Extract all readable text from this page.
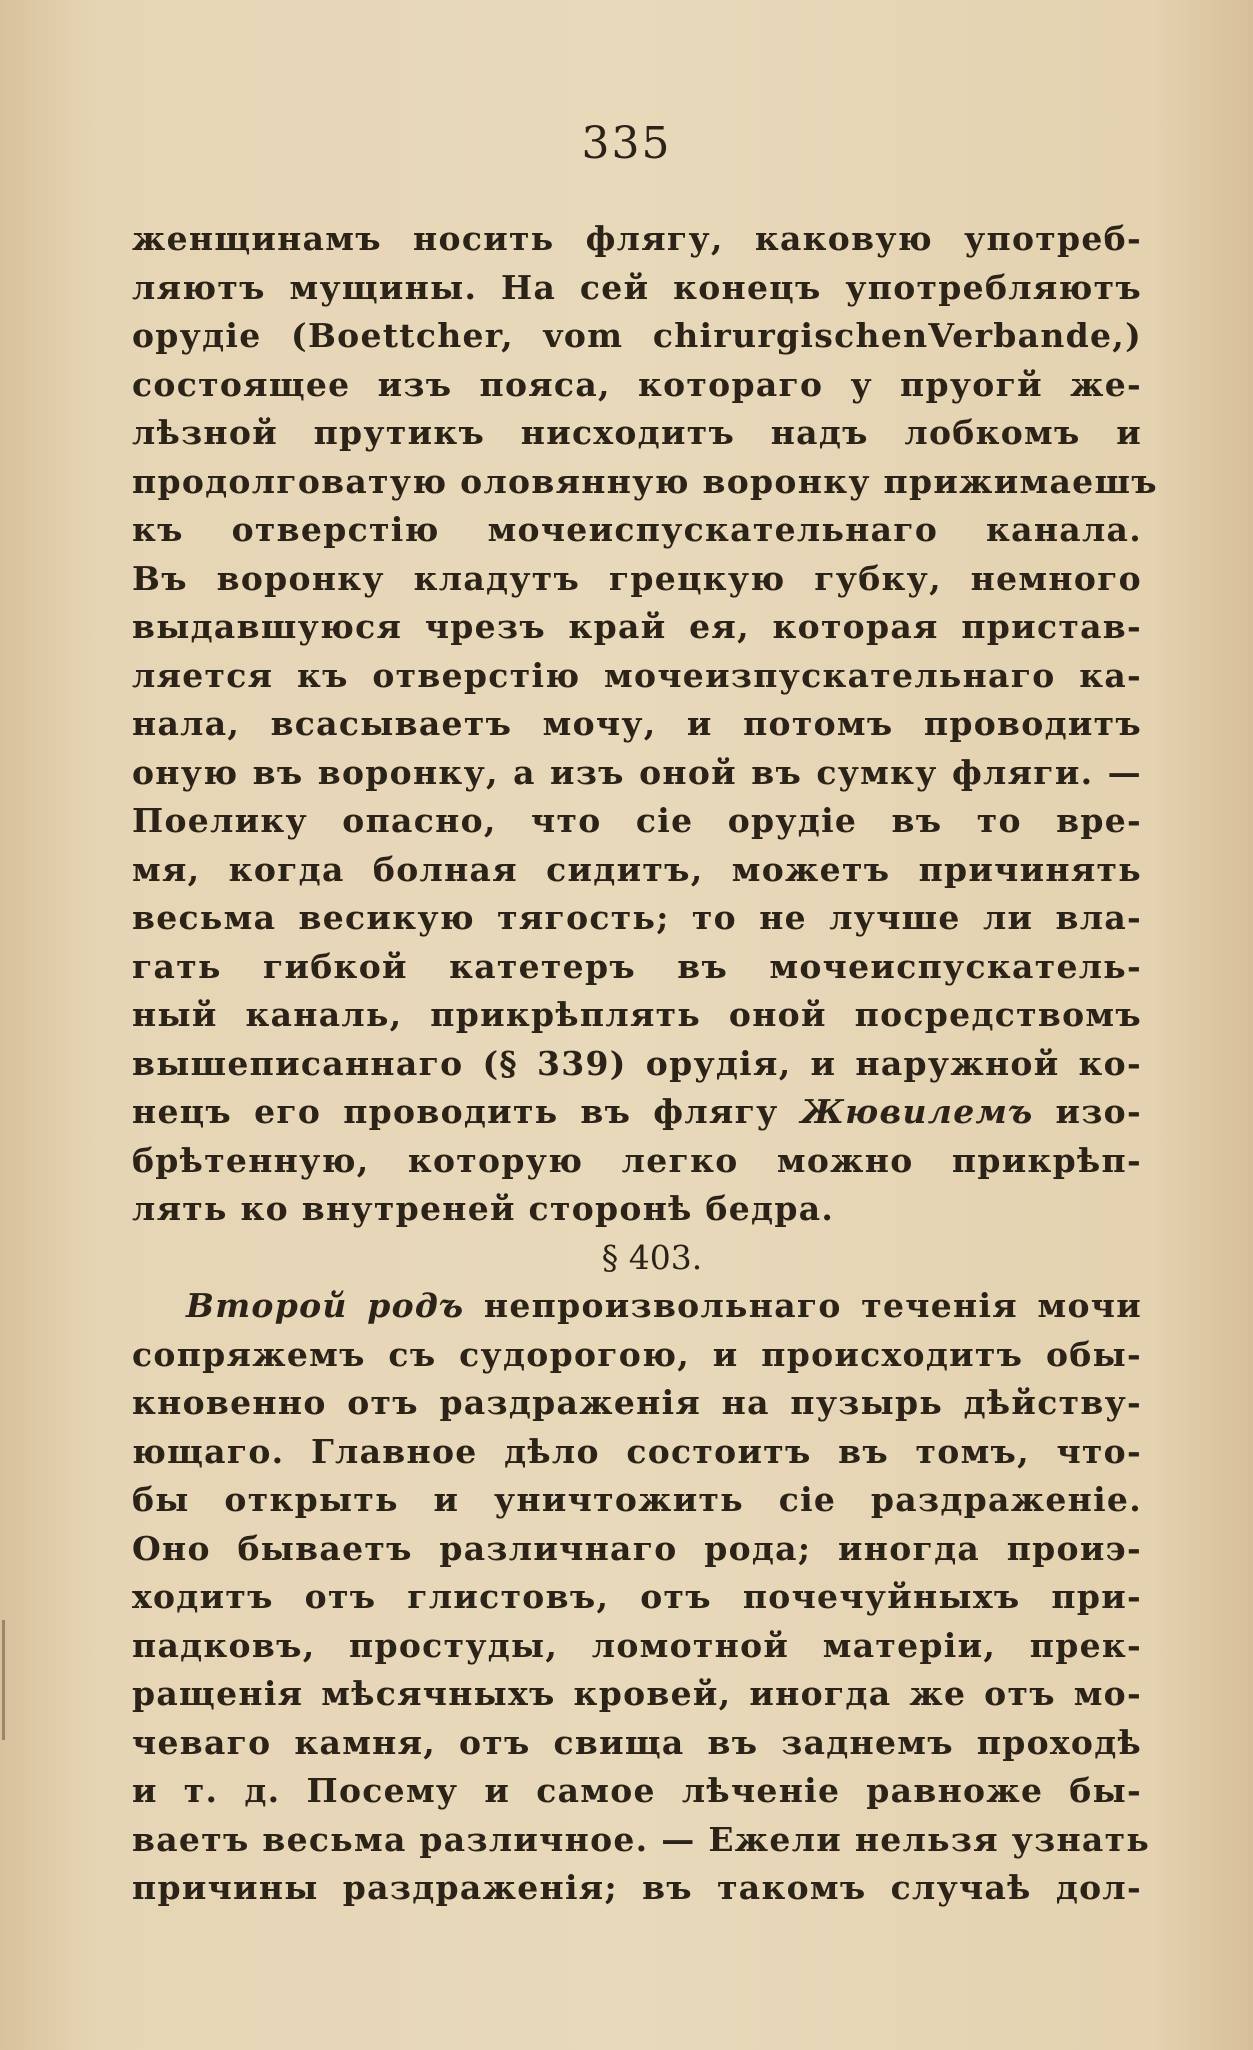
335
женщинамъ носить флягу, каковую употреб-
ляютъ мущины. На сей конецъ употребляютъ
орудіе (Boettcher, vom chirurgischenVerbande,)
состоящее изъ пояса, котораго у пруогй же-
лѣзной прутикъ нисходитъ надъ лобкомъ и
продолговатую оловянную воронку прижимаешъ
къ отверстію мочеиспускательнаго канала.
Въ воронку кладутъ грецкую губку, немного
выдавшуюся чрезъ край ея, которая пристав-
ляется къ отверстію мочеизпускательнаго ка-
нала, всасываетъ мочу, и потомъ проводитъ
оную въ воронку, а изъ оной въ сумку фляги. —
Поелику опасно, что сіе орудіе въ то вре-
мя, когда болная сидитъ, можетъ причинять
весьма весикую тягость; то не лучше ли вла-
гать гибкой катетеръ въ мочеиспускатель-
ный каналь, прикрѣплять оной посредствомъ
вышеписаннаго (§ 339) орудія, и наружной ко-
нецъ его проводить въ флягу Жювилемъ изо-
брѣтенную, которую легко можно прикрѣп-
лять ко внутреней сторонѣ бедра.
§ 403.
Второй родъ непроизвольнаго теченія мочи
сопряжемъ съ судорогою, и происходитъ обы-
кновенно отъ раздраженія на пузырь дѣйству-
ющаго. Главное дѣло состоитъ въ томъ, что-
бы открыть и уничтожить сіе раздраженіе.
Оно бываетъ различнаго рода; иногда проиэ-
ходитъ отъ глистовъ, отъ почечуйныхъ при-
падковъ, простуды, ломотной матеріи, прек-
ращенія мѣсячныхъ кровей, иногда же отъ мо-
чеваго камня, отъ свища въ заднемъ проходѣ
и т. д. Посему и самое лѣченіе равноже бы-
ваетъ весьма различное. — Ежели нельзя узнать
причины раздраженія; въ такомъ случаѣ дол-
